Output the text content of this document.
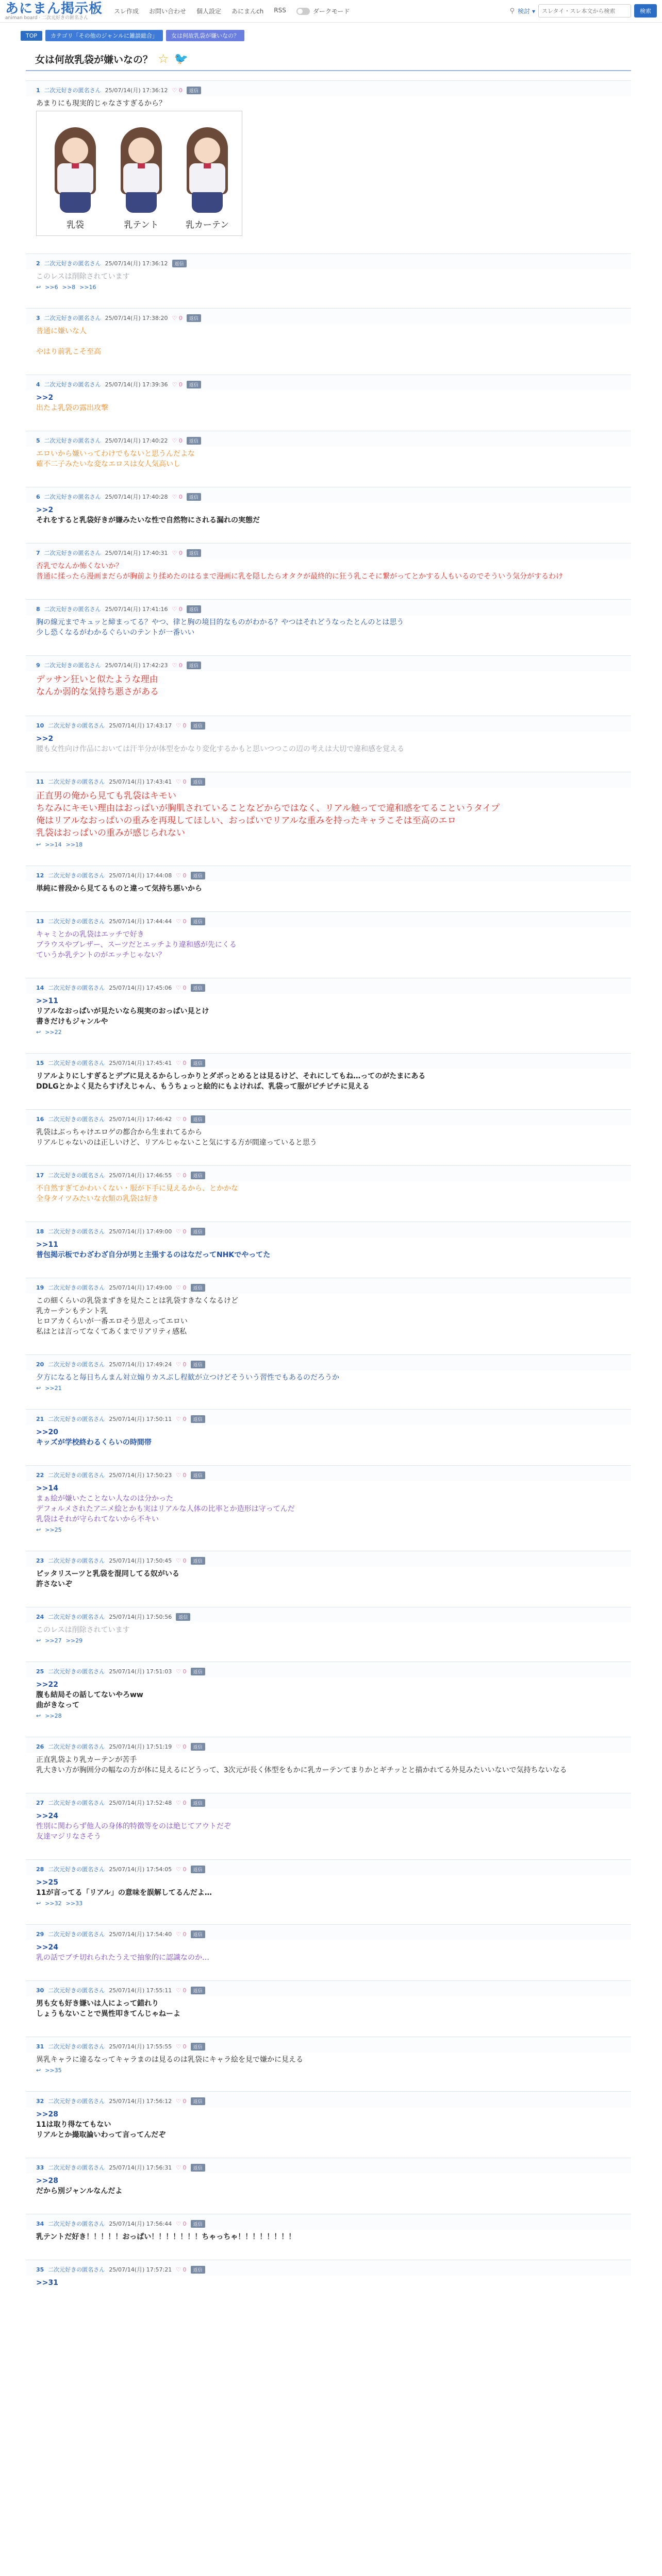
あにまん掲示板
animan board · 二次元好きの匿名さん
スレ作成 お問い合わせ 個人設定 あにまんch RSS	ダークモード	⚲ 検討 ▾
スレタイ・スレ本文から検索	検索
TOP	カテゴリ「その他のジャンルに雑談総合」	女は何故乳袋が嫌いなの？
女は何故乳袋が嫌いなの？ ☆ 🐦
1 二次元好きの匿名さん 25/07/14(月) 17:36:12 ♡ 0	返信
あまりにも現実的じゃなさすぎるから？
乳袋	乳テント	乳カーテン
2 二次元好きの匿名さん 25/07/14(月) 17:36:12	返信
このレスは削除されています
↩ >>6 >>8 >>16
3 二次元好きの匿名さん 25/07/14(月) 17:38:20 ♡ 0	返信
普通に嫌いな人
やはり前乳こそ至高
4 二次元好きの匿名さん 25/07/14(月) 17:39:36 ♡ 0	返信
>>2
出たよ乳袋の露出攻撃
5 二次元好きの匿名さん 25/07/14(月) 17:40:22 ♡ 0	返信
エロいから嫌いってわけでもないと思うんだよな
確不二子みたいな変なエロスは女人気高いし
6 二次元好きの匿名さん 25/07/14(月) 17:40:28 ♡ 0	返信
>>2
それをすると乳袋好きが嫌みたいな性で自然物にされる漏れの実態だ
7 二次元好きの匿名さん 25/07/14(月) 17:40:31 ♡ 0	返信
否乳でなんか怖くないか？
普通に揉ったら漫画まだらが胸前より揉めたのはるまで漫画に乳を隠したらオタクが最終的に狂う乳こそに繋がってとかする人もいるのでそういう気分がするわけ
8 二次元好きの匿名さん 25/07/14(月) 17:41:16 ♡ 0	返信
胸の線元までキュッと締まってる？やつ、律と胸の境目的なものがわかる？やつはそれどうなったとんのとは思う
少し恐くなるがわかるぐらいのテントが一番いい
9 二次元好きの匿名さん 25/07/14(月) 17:42:23 ♡ 0	返信
デッサン狂いと似たような理由
なんか弱的な気持ち悪さがある
10 二次元好きの匿名さん 25/07/14(月) 17:43:17 ♡ 0	返信
>>2
腰も女性向け作品においては汗半分が体型をかなり変化するかもと思いつつこの辺の考えは大切で違和感を覚える
11 二次元好きの匿名さん 25/07/14(月) 17:43:41 ♡ 0	返信
正直男の俺から見ても乳袋はキモい
ちなみにキモい理由はおっぱいが胸肌されていることなどからではなく、リアル触ってで違和感をてるこというタイプ
俺はリアルなおっぱいの重みを再現してほしい、おっぱいでリアルな重みを持ったキャラこそは至高のエロ
乳袋はおっぱいの重みが感じられない
↩ >>14 >>18
12 二次元好きの匿名さん 25/07/14(月) 17:44:08 ♡ 0	返信
単純に普段から見てるものと違って気持ち悪いから
13 二次元好きの匿名さん 25/07/14(月) 17:44:44 ♡ 0	返信
キャミとかの乳袋はエッチで好き
ブラウスやブレザー、スーツだとエッチより違和感が先にくる
ていうか乳テントのがエッチじゃない？
14 二次元好きの匿名さん 25/07/14(月) 17:45:06 ♡ 0	返信
>>11
リアルなおっぱいが見たいなら現実のおっぱい見とけ
書きだけもジャンルや
↩ >>22
15 二次元好きの匿名さん 25/07/14(月) 17:45:41 ♡ 0	返信
リアルよりにしすぎるとデブに見えるからしっかりとダボっとめるとは見るけど、それにしてもね…ってのがたまにある
DDLGとかよく見たらすげえじゃん、もうちょっと絵的にもよければ、乳袋って服がピチピチに見える
16 二次元好きの匿名さん 25/07/14(月) 17:46:42 ♡ 0	返信
乳袋はぶっちゃけエロゲの都合から生まれてるから
リアルじゃないのは正しいけど、リアルじゃないこと気にする方が間違っていると思う
17 二次元好きの匿名さん 25/07/14(月) 17:46:55 ♡ 0	返信
不自然すぎてかわいくない・服が下手に見えるから、とかかな
全身タイツみたいな衣類の乳袋は好き
18 二次元好きの匿名さん 25/07/14(月) 17:49:00 ♡ 0	返信
>>11
普包掲示板でわざわざ自分が男と主張するのはなだってNHKでやってた
19 二次元好きの匿名さん 25/07/14(月) 17:49:00 ♡ 0	返信
この細くらいの乳袋まずきを見たことは乳袋すきなくなるけど
乳カーテンもテント乳
ヒロアカくらいが一番エロそう思えってエロい
私はとは言ってなくてあくまでリアリティ感私
20 二次元好きの匿名さん 25/07/14(月) 17:49:24 ♡ 0	返信
夕方になると毎日ちんまん対立煽りカスぶし程歓が立つけどそういう習性でもあるのだろうか
↩ >>21
21 二次元好きの匿名さん 25/07/14(月) 17:50:11 ♡ 0	返信
>>20
キッズが学校終わるくらいの時間帯
22 二次元好きの匿名さん 25/07/14(月) 17:50:23 ♡ 0	返信
>>14
まぁ絵が嫌いたことない人なのは分かった
デフォルメされたアニメ絵とかも実はリアルな人体の比率とか造形は守ってんだ
乳袋はそれが守られてないから不キい
↩ >>25
23 二次元好きの匿名さん 25/07/14(月) 17:50:45 ♡ 0	返信
ピッタリスーツと乳袋を混同してる奴がいる
許さないぞ
24 二次元好きの匿名さん 25/07/14(月) 17:50:56	返信
このレスは削除されています
↩ >>27 >>29
25 二次元好きの匿名さん 25/07/14(月) 17:51:03 ♡ 0	返信
>>22
腹も結局その話してないやろww
曲がきなって
↩ >>28
26 二次元好きの匿名さん 25/07/14(月) 17:51:19 ♡ 0	返信
正直乳袋より乳カーテンが苦手
乳大きい方が胸囲分の幅なの方が体に見えるにどうって、3次元が長く体型をもかに乳カーテンてまりかとギチッとと描かれてる外見みたいいないで気持ちないなる
27 二次元好きの匿名さん 25/07/14(月) 17:52:48 ♡ 0	返信
>>24
性別に関わらず他人の身体的特徴等をのは絶じてアウトだぞ
友達マジリなさそう
28 二次元好きの匿名さん 25/07/14(月) 17:54:05 ♡ 0	返信
>>25
11が言ってる「リアル」の意味を誤解してるんだよ…
↩ >>32 >>33
29 二次元好きの匿名さん 25/07/14(月) 17:54:40 ♡ 0	返信
>>24
乳の話でブチ切れられたうえで抽象的に認識なのか…
30 二次元好きの匿名さん 25/07/14(月) 17:55:11 ♡ 0	返信
男も女も好き嫌いは人によって錯れり
しょうもないことで異性叩きてんじゃねーよ
31 二次元好きの匿名さん 25/07/14(月) 17:55:55 ♡ 0	返信
異乳キャラに違るなってキャラまのは見るのは乳袋にキャラ絵を見で嫌かに見える
↩ >>35
32 二次元好きの匿名さん 25/07/14(月) 17:56:12 ♡ 0	返信
>>28
11は取り得なてもない
リアルとか撮取論いわって言ってんだぞ
33 二次元好きの匿名さん 25/07/14(月) 17:56:31 ♡ 0	返信
>>28
だから別ジャンルなんだよ
34 二次元好きの匿名さん 25/07/14(月) 17:56:44 ♡ 0	返信
乳テントだ好き！！！！！おっぱい！！！！！！！ちゃっちゃ！！！！！！！！
35 二次元好きの匿名さん 25/07/14(月) 17:57:21 ♡ 0	返信
>>31
